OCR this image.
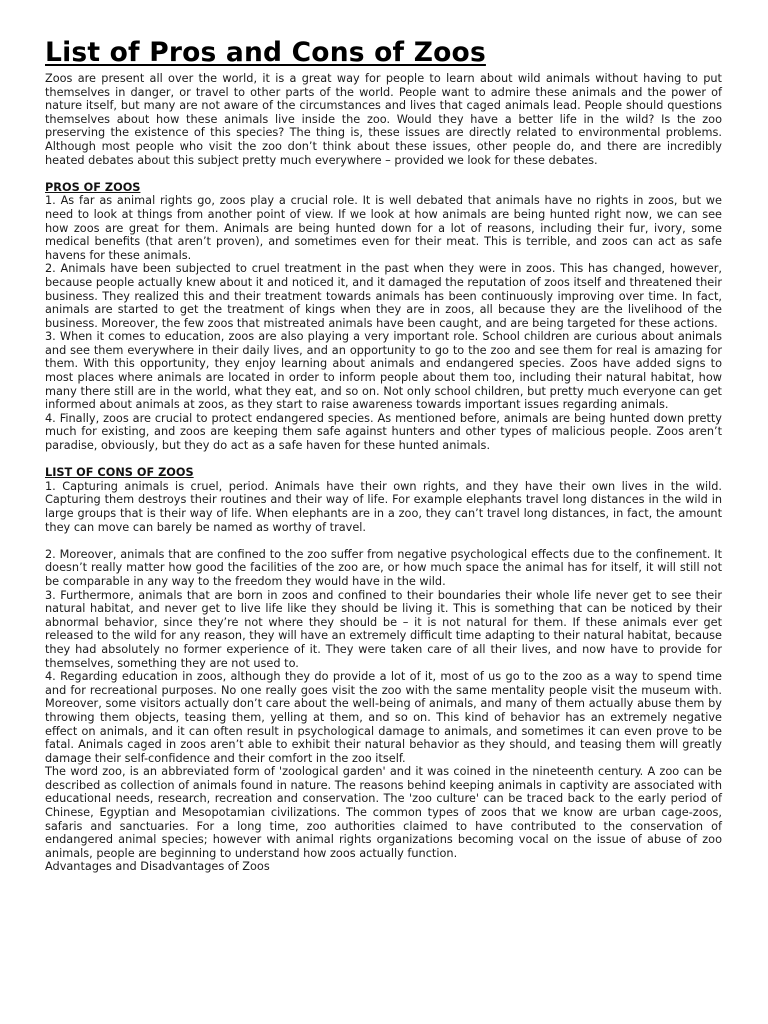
List of Pros and Cons of Zoos

Zoos are present all over the world, it is a great way for people to learn about wild animals without having to put themselves in danger, or travel to other parts of the world. People want to admire these animals and the power of nature itself, but many are not aware of the circumstances and lives that caged animals lead. People should questions themselves about how these animals live inside the zoo. Would they have a better life in the wild? Is the zoo preserving the existence of this species? The thing is, these issues are directly related to environmental problems. Although most people who visit the zoo don’t think about these issues, other people do, and there are incredibly heated debates about this subject pretty much everywhere – provided we look for these debates.

PROS OF ZOOS

1. As far as animal rights go, zoos play a crucial role. It is well debated that animals have no rights in zoos, but we need to look at things from another point of view. If we look at how animals are being hunted right now, we can see how zoos are great for them. Animals are being hunted down for a lot of reasons, including their fur, ivory, some medical benefits (that aren’t proven), and sometimes even for their meat. This is terrible, and zoos can act as safe havens for these animals.

2. Animals have been subjected to cruel treatment in the past when they were in zoos. This has changed, however, because people actually knew about it and noticed it, and it damaged the reputation of zoos itself and threatened their business. They realized this and their treatment towards animals has been continuously improving over time. In fact, animals are started to get the treatment of kings when they are in zoos, all because they are the livelihood of the business. Moreover, the few zoos that mistreated animals have been caught, and are being targeted for these actions.

3. When it comes to education, zoos are also playing a very important role. School children are curious about animals and see them everywhere in their daily lives, and an opportunity to go to the zoo and see them for real is amazing for them. With this opportunity, they enjoy learning about animals and endangered species. Zoos have added signs to most places where animals are located in order to inform people about them too, including their natural habitat, how many there still are in the world, what they eat, and so on. Not only school children, but pretty much everyone can get informed about animals at zoos, as they start to raise awareness towards important issues regarding animals.

4. Finally, zoos are crucial to protect endangered species. As mentioned before, animals are being hunted down pretty much for existing, and zoos are keeping them safe against hunters and other types of malicious people. Zoos aren’t paradise, obviously, but they do act as a safe haven for these hunted animals.

LIST OF CONS OF ZOOS

1. Capturing animals is cruel, period. Animals have their own rights, and they have their own lives in the wild. Capturing them destroys their routines and their way of life. For example elephants travel long distances in the wild in large groups that is their way of life. When elephants are in a zoo, they can’t travel long distances, in fact, the amount they can move can barely be named as worthy of travel.

2. Moreover, animals that are confined to the zoo suffer from negative psychological effects due to the confinement. It doesn’t really matter how good the facilities of the zoo are, or how much space the animal has for itself, it will still not be comparable in any way to the freedom they would have in the wild.

3. Furthermore, animals that are born in zoos and confined to their boundaries their whole life never get to see their natural habitat, and never get to live life like they should be living it. This is something that can be noticed by their abnormal behavior, since they’re not where they should be – it is not natural for them. If these animals ever get released to the wild for any reason, they will have an extremely difficult time adapting to their natural habitat, because they had absolutely no former experience of it. They were taken care of all their lives, and now have to provide for themselves, something they are not used to.

4. Regarding education in zoos, although they do provide a lot of it, most of us go to the zoo as a way to spend time and for recreational purposes. No one really goes visit the zoo with the same mentality people visit the museum with. Moreover, some visitors actually don’t care about the well-being of animals, and many of them actually abuse them by throwing them objects, teasing them, yelling at them, and so on. This kind of behavior has an extremely negative effect on animals, and it can often result in psychological damage to animals, and sometimes it can even prove to be fatal. Animals caged in zoos aren’t able to exhibit their natural behavior as they should, and teasing them will greatly damage their self-confidence and their comfort in the zoo itself.

The word zoo, is an abbreviated form of 'zoological garden' and it was coined in the nineteenth century. A zoo can be described as collection of animals found in nature. The reasons behind keeping animals in captivity are associated with educational needs, research, recreation and conservation. The 'zoo culture' can be traced back to the early period of Chinese, Egyptian and Mesopotamian civilizations. The common types of zoos that we know are urban cage-zoos, safaris and sanctuaries. For a long time, zoo authorities claimed to have contributed to the conservation of endangered animal species; however with animal rights organizations becoming vocal on the issue of abuse of zoo animals, people are beginning to understand how zoos actually function.

Advantages and Disadvantages of Zoos
